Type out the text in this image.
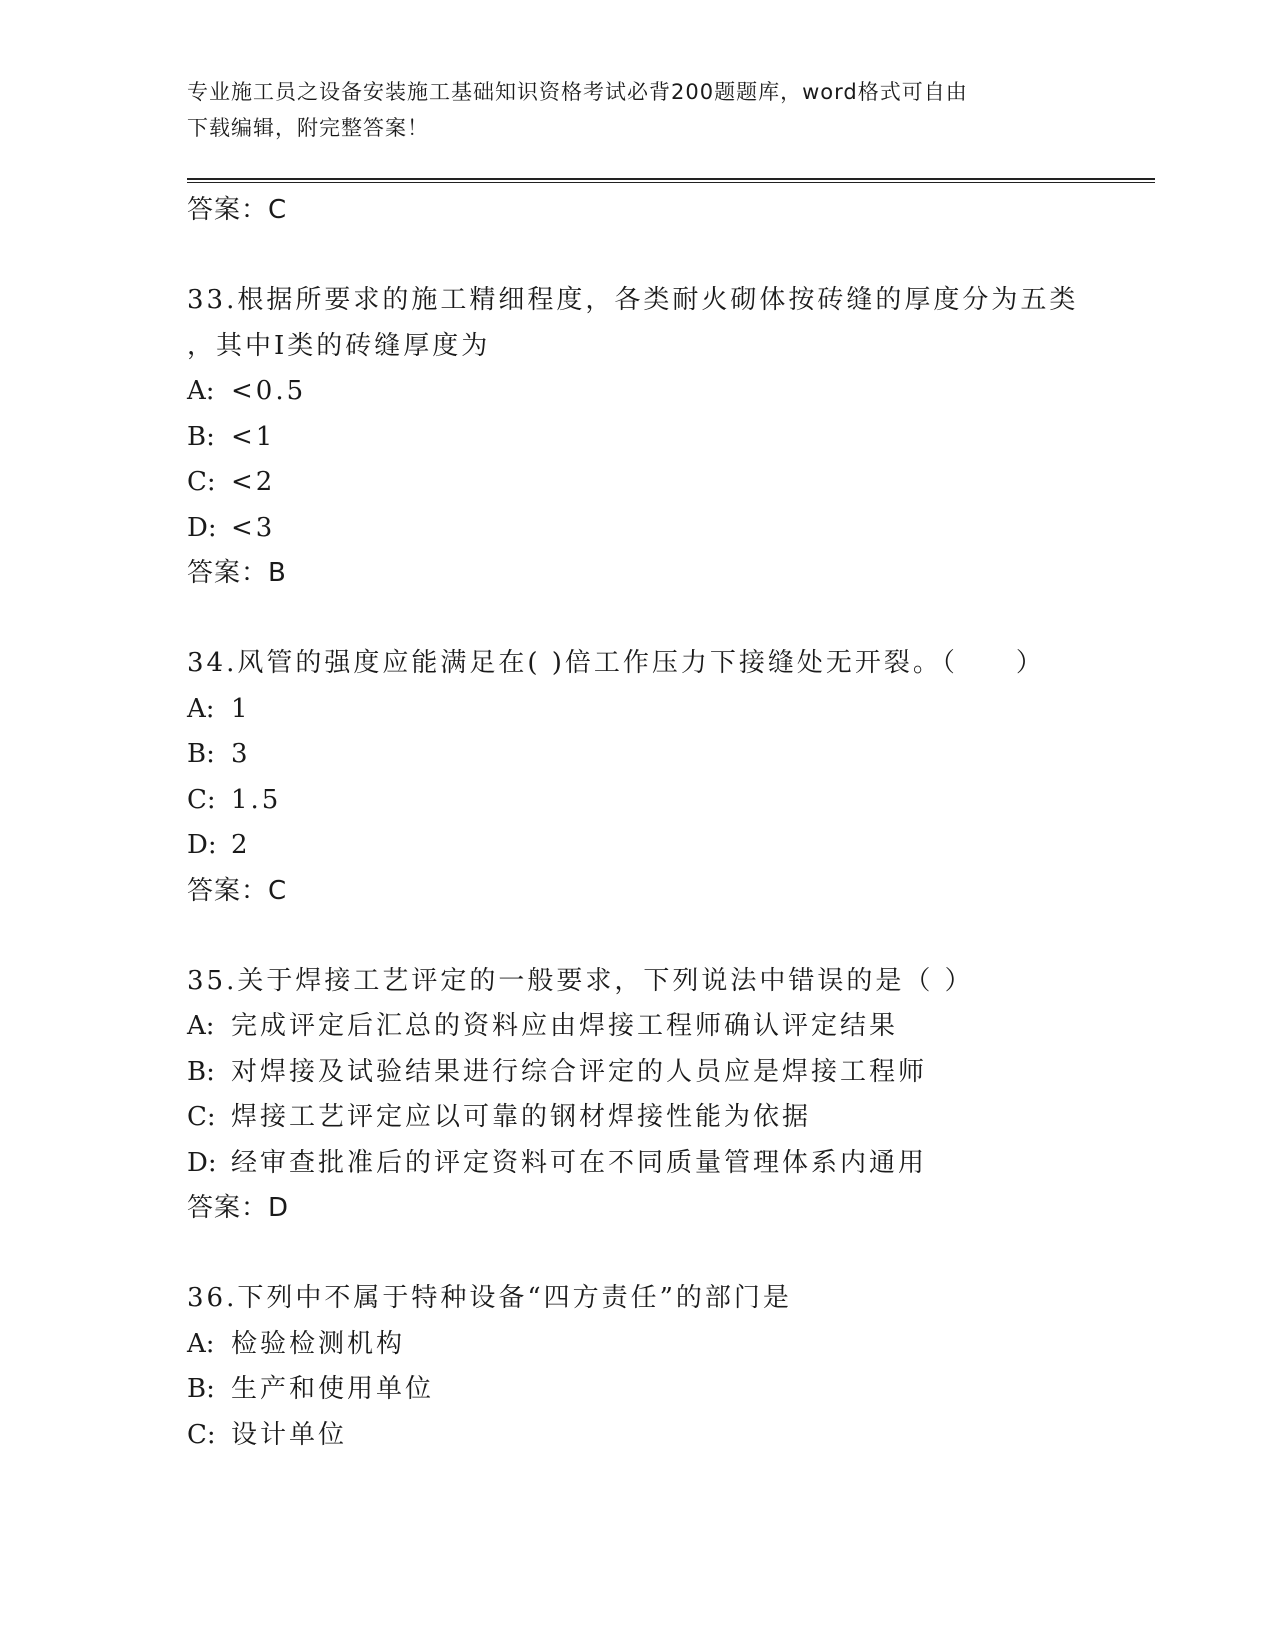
专业施工员之设备安装施工基础知识资格考试必背200题题库，word格式可自由
下载编辑，附完整答案！
答案：C
33.根据所要求的施工精细程度，各类耐火砌体按砖缝的厚度分为五类
，其中Ⅰ类的砖缝厚度为
A: <0.5
B: <1
C: <2
D: <3
答案：B
34.风管的强度应能满足在( )倍工作压力下接缝处无开裂。（　　）
A: 1
B: 3
C: 1.5
D: 2
答案：C
35.关于焊接工艺评定的一般要求，下列说法中错误的是（ ）
A: 完成评定后汇总的资料应由焊接工程师确认评定结果
B: 对焊接及试验结果进行综合评定的人员应是焊接工程师
C: 焊接工艺评定应以可靠的钢材焊接性能为依据
D: 经审查批准后的评定资料可在不同质量管理体系内通用
答案：D
36.下列中不属于特种设备“四方责任”的部门是
A: 检验检测机构
B: 生产和使用单位
C: 设计单位
